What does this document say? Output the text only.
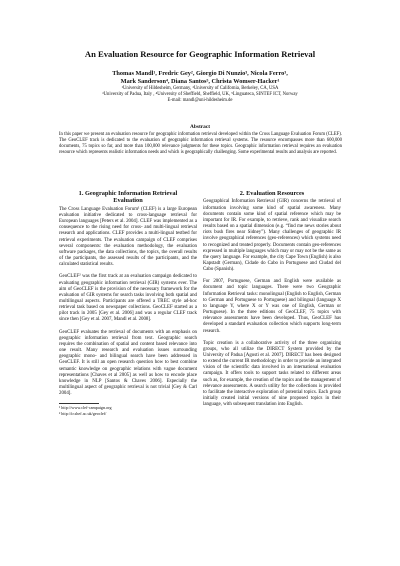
An Evaluation Resource for Geographic Information Retrieval
Thomas Mandl¹, Fredric Gey², Giorgio Di Nunzio³, Nicola Ferro³,
Mark Sanderson⁴, Diana Santos⁵, Christa Womser-Hacker¹
¹University of Hildesheim, Germany, ²University of California, Berkeley, CA, USA
³University of Padua, Italy , ⁴University of Sheffield, Sheffield, UK, ⁵Linguateca, SINTEF ICT, Norway
E-mail: mandl@uni-hildesheim.de
Abstract
In this paper we present an evaluation resource for geographic information retrieval developed within the Cross Language Evaluation Forum (CLEF). The GeoCLEF track is dedicated to the evaluation of geographic information retrieval systems. The resource encompasses more than 600,000 documents, 75 topics so far, and more than 100,000 relevance judgments for these topics. Geographic information retrieval requires an evaluation resource which represents realistic information needs and which is geographically challenging. Some experimental results and analysis are reported.
1. Geographic Information Retrieval
Evaluation

The Cross Language Evaluation Forum¹ (CLEF) is a large European evaluation initiative dedicated to cross-language retrieval for European languages [Peters et al. 2004]. CLEF was implemented as a consequence to the rising need for cross- and multi-lingual retrieval research and applications. CLEF provides a multi-lingual testbed for retrieval experiments. The evaluation campaign of CLEF comprises several components: the evaluation methodology, the evaluation software packages, the data collections, the topics, the overall results of the participants, the assessed results of the participants, and the calculated statistical results.

GeoCLEF² was the first track at an evaluation campaign dedicated to evaluating geographic information retrieval (GIR) systems ever. The aim of GeoCLEF is the provision of the necessary framework for the evaluation of GIR systems for search tasks involving both spatial and multilingual aspects. Participants are offered a TREC style ad-hoc retrieval task based on newspaper collections. GeoCLEF started as a pilot track in 2005 [Gey et al. 2006] and was a regular CLEF track since then [Gey et al. 2007, Mandl et al. 2008].

GeoCLEF evaluates the retrieval of documents with an emphasis on geographic information retrieval from text. Geographic search requires the combination of spatial and content based relevance into one result. Many research and evaluation issues surrounding geographic mono- and bilingual search have been addressed in GeoCLEF. It is still an open research question how to best combine semantic knowledge on geographic relations with vague document representations [Chaves et al 2005] as well as how to encode place knowledge in NLP [Santos & Chaves 2006]. Especially the multilingual aspect of geographic retrieval is not trivial [Gey & Carl 2004].

¹ http://www.clef-campaign.org
² http://ir.shef.ac.uk/geoclef/
2. Evaluation Resources

Geographical Information Retrieval (GIR) concerns the retrieval of information involving some kind of spatial awareness. Many documents contain some kind of spatial reference which may be important for IR. For example, to retrieve, rank and visualize search results based on a spatial dimension (e.g. “find me news stories about riots bush fires near Sidney”). Many challenges of geographic IR involve geographical references (geo-references) which systems need to recognized and treated properly. Documents contain geo-references expressed in multiple languages which may or may not be the same as the query language. For example, the city Cape Town (English) is also Kapstadt (German), Cidade do Cabo in Portuguese and Ciudad del Cabo (Spanish).

For 2007, Portuguese, German and English were available as document and topic languages. There were two Geographic Information Retrieval tasks: monolingual (English to English, German to German and Portuguese to Portuguese) and bilingual (language X to language Y, where X or Y was one of English, German or Portuguese). In the three editions of GeoCLEF, 75 topics with relevance assessments have been developed. Thus, GeoCLEF has developed a standard evaluation collection which supports long-term research.

Topic creation is a collaborative activity of the three organizing groups, who all utilize the DIRECT System provided by the University of Padua [Agosti et al. 2007]. DIRECT has been designed to extend the current IR methodology in order to provide an integrated vision of the scientific data involved in an international evaluation campaign. It offers tools to support tasks related to different areas such as, for example, the creation of the topics and the management of relevance assessments. A search utility for the collections is provided to facilitate the interactive exploration of potential topics. Each group initially created initial versions of nine proposed topics in their language, with subsequent translation into English.
